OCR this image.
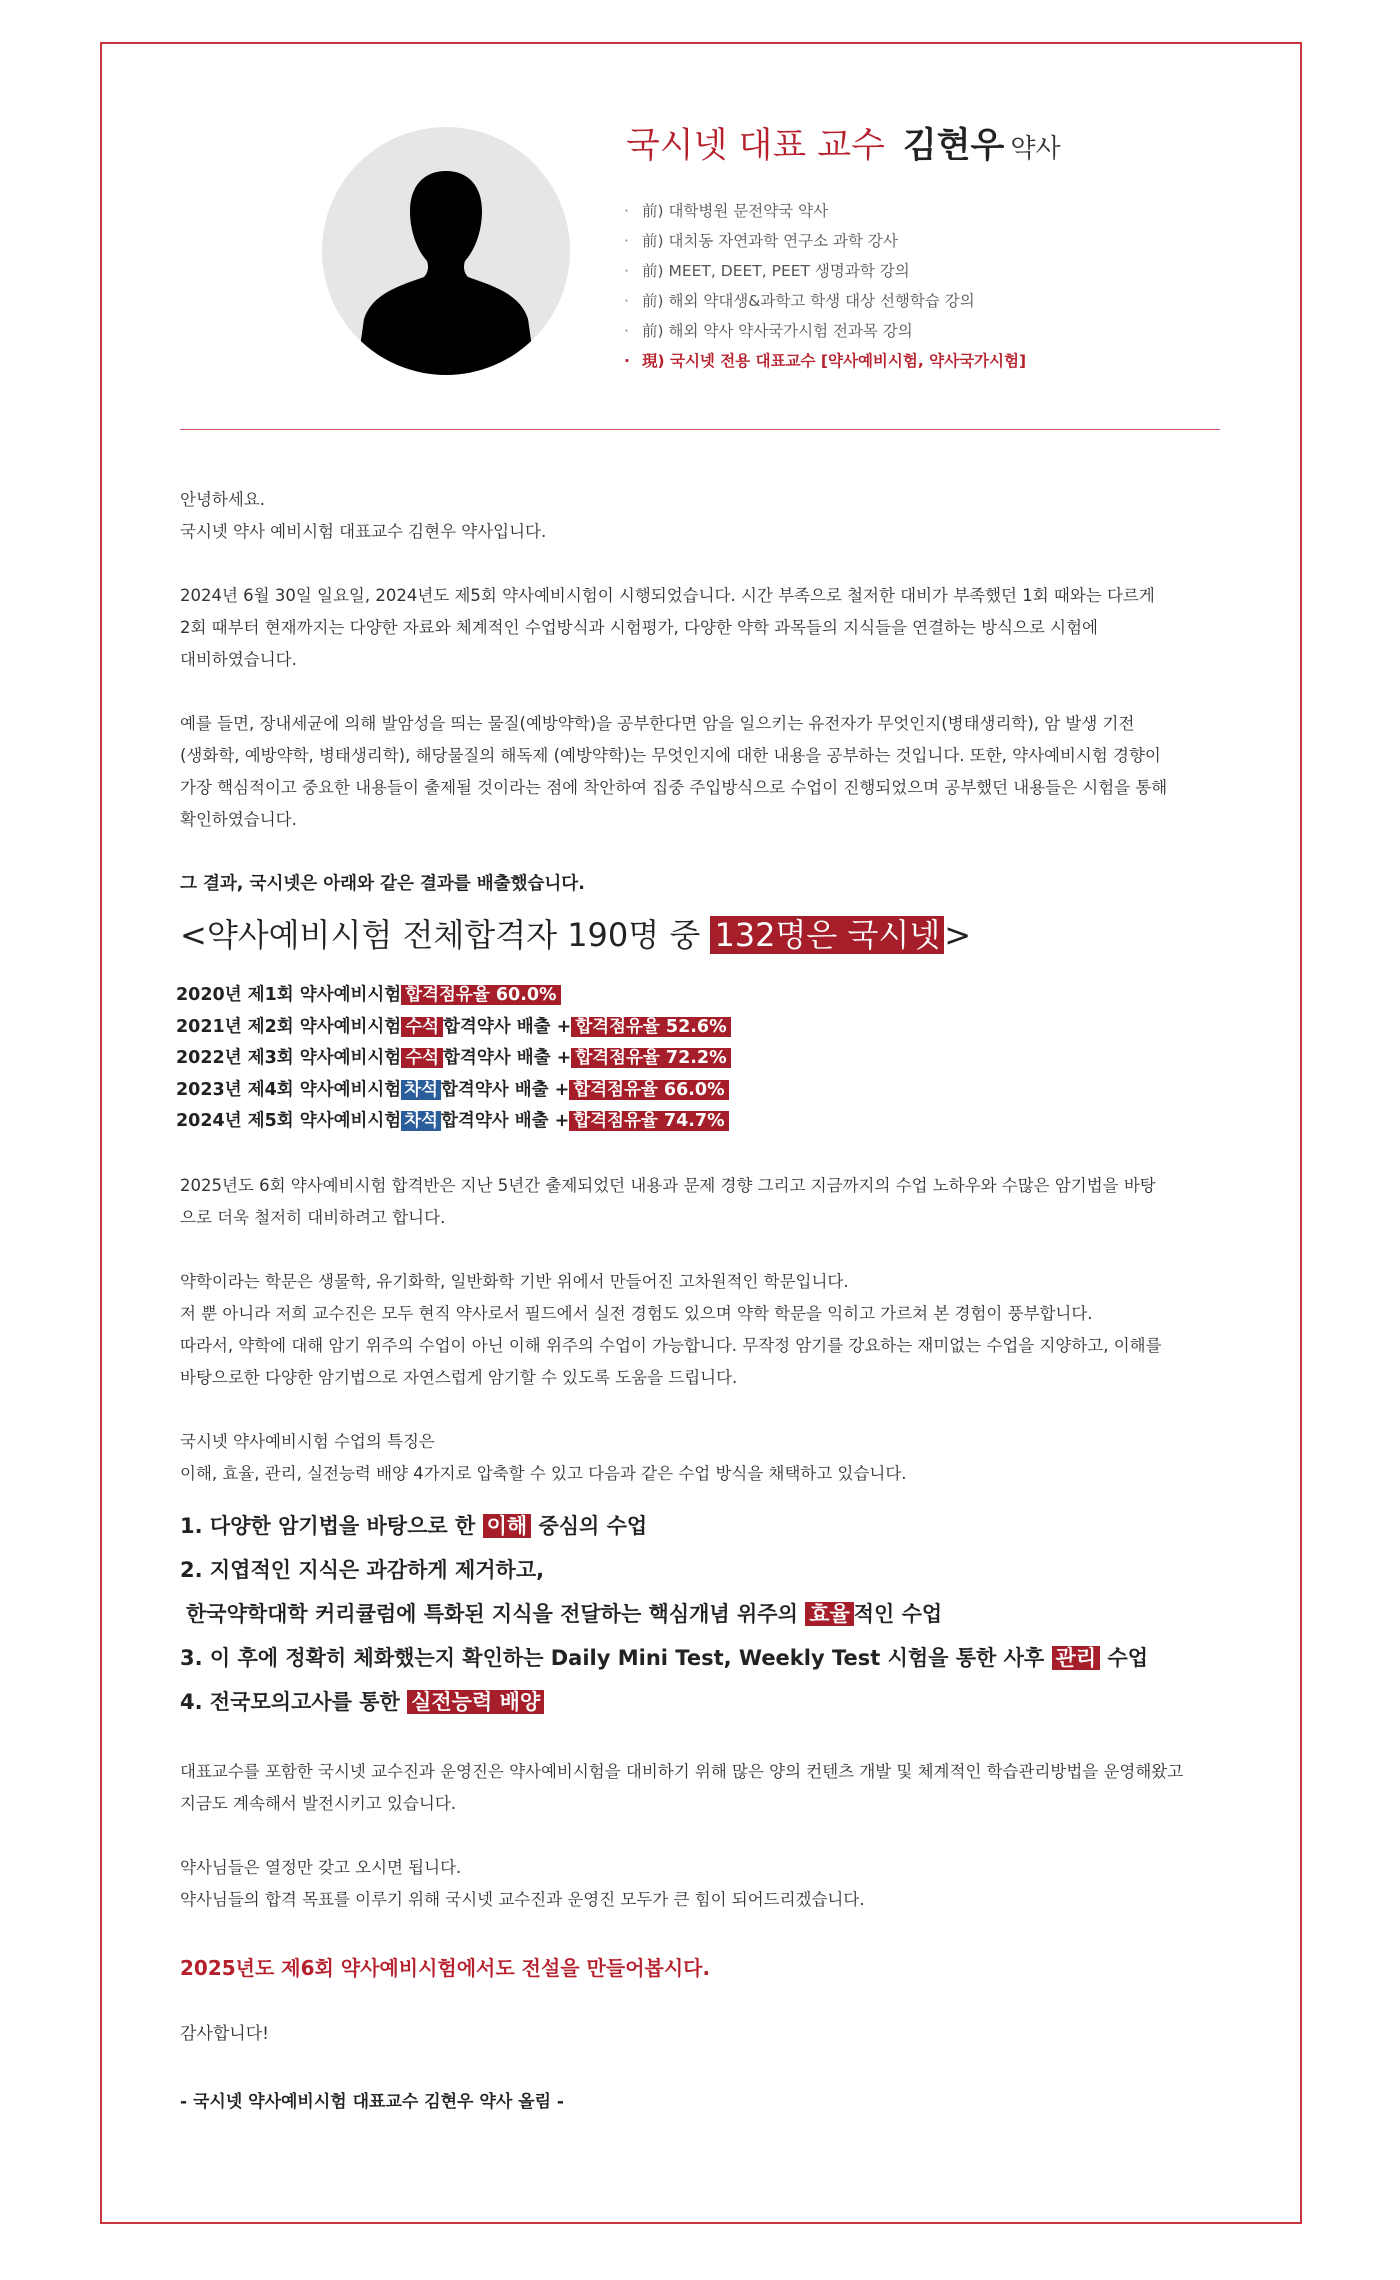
국시넷 대표 교수 김현우 약사
· 前) 대학병원 문전약국 약사
· 前) 대치동 자연과학 연구소 과학 강사
· 前) MEET, DEET, PEET 생명과학 강의
· 前) 해외 약대생&과학고 학생 대상 선행학습 강의
· 前) 해외 약사 약사국가시험 전과목 강의
· 現) 국시넷 전용 대표교수 [약사예비시험, 약사국가시험]

안녕하세요.
국시넷 약사 예비시험 대표교수 김현우 약사입니다.

2024년 6월 30일 일요일, 2024년도 제5회 약사예비시험이 시행되었습니다. 시간 부족으로 철저한 대비가 부족했던 1회 때와는 다르게
2회 때부터 현재까지는 다양한 자료와 체계적인 수업방식과 시험평가, 다양한 약학 과목들의 지식들을 연결하는 방식으로 시험에
대비하였습니다.

예를 들면, 장내세균에 의해 발암성을 띄는 물질(예방약학)을 공부한다면 암을 일으키는 유전자가 무엇인지(병태생리학), 암 발생 기전
(생화학, 예방약학, 병태생리학), 해당물질의 해독제 (예방약학)는 무엇인지에 대한 내용을 공부하는 것입니다. 또한, 약사예비시험 경향이
가장 핵심적이고 중요한 내용들이 출제될 것이라는 점에 착안하여 집중 주입방식으로 수업이 진행되었으며 공부했던 내용들은 시험을 통해
확인하였습니다.

그 결과, 국시넷은 아래와 같은 결과를 배출했습니다.

<약사예비시험 전체합격자 190명 중 132명은 국시넷 >
2020년 제1회 약사예비시험 합격점유율 60.0%
2021년 제2회 약사예비시험 수석 합격약사 배출 + 합격점유율 52.6%
2022년 제3회 약사예비시험 수석 합격약사 배출 + 합격점유율 72.2%
2023년 제4회 약사예비시험 차석 합격약사 배출 + 합격점유율 66.0%
2024년 제5회 약사예비시험 차석 합격약사 배출 + 합격점유율 74.7%

2025년도 6회 약사예비시험 합격반은 지난 5년간 출제되었던 내용과 문제 경향 그리고 지금까지의 수업 노하우와 수많은 암기법을 바탕
으로 더욱 철저히 대비하려고 합니다.

약학이라는 학문은 생물학, 유기화학, 일반화학 기반 위에서 만들어진 고차원적인 학문입니다.
저 뿐 아니라 저희 교수진은 모두 현직 약사로서 필드에서 실전 경험도 있으며 약학 학문을 익히고 가르쳐 본 경험이 풍부합니다.
따라서, 약학에 대해 암기 위주의 수업이 아닌 이해 위주의 수업이 가능합니다. 무작정 암기를 강요하는 재미없는 수업을 지양하고, 이해를
바탕으로한 다양한 암기법으로 자연스럽게 암기할 수 있도록 도움을 드립니다.

국시넷 약사예비시험 수업의 특징은
이해, 효율, 관리, 실전능력 배양 4가지로 압축할 수 있고 다음과 같은 수업 방식을 채택하고 있습니다.

1. 다양한 암기법을 바탕으로 한 이해 중심의 수업
2. 지엽적인 지식은 과감하게 제거하고,
한국약학대학 커리큘럼에 특화된 지식을 전달하는 핵심개념 위주의 효율 적인 수업
3. 이 후에 정확히 체화했는지 확인하는 Daily Mini Test, Weekly Test 시험을 통한 사후 관리 수업
4. 전국모의고사를 통한 실전능력 배양

대표교수를 포함한 국시넷 교수진과 운영진은 약사예비시험을 대비하기 위해 많은 양의 컨텐츠 개발 및 체계적인 학습관리방법을 운영해왔고
지금도 계속해서 발전시키고 있습니다.

약사님들은 열정만 갖고 오시면 됩니다.
약사님들의 합격 목표를 이루기 위해 국시넷 교수진과 운영진 모두가 큰 힘이 되어드리겠습니다.

2025년도 제6회 약사예비시험에서도 전설을 만들어봅시다.

감사합니다!

- 국시넷 약사예비시험 대표교수 김현우 약사 올림 -
